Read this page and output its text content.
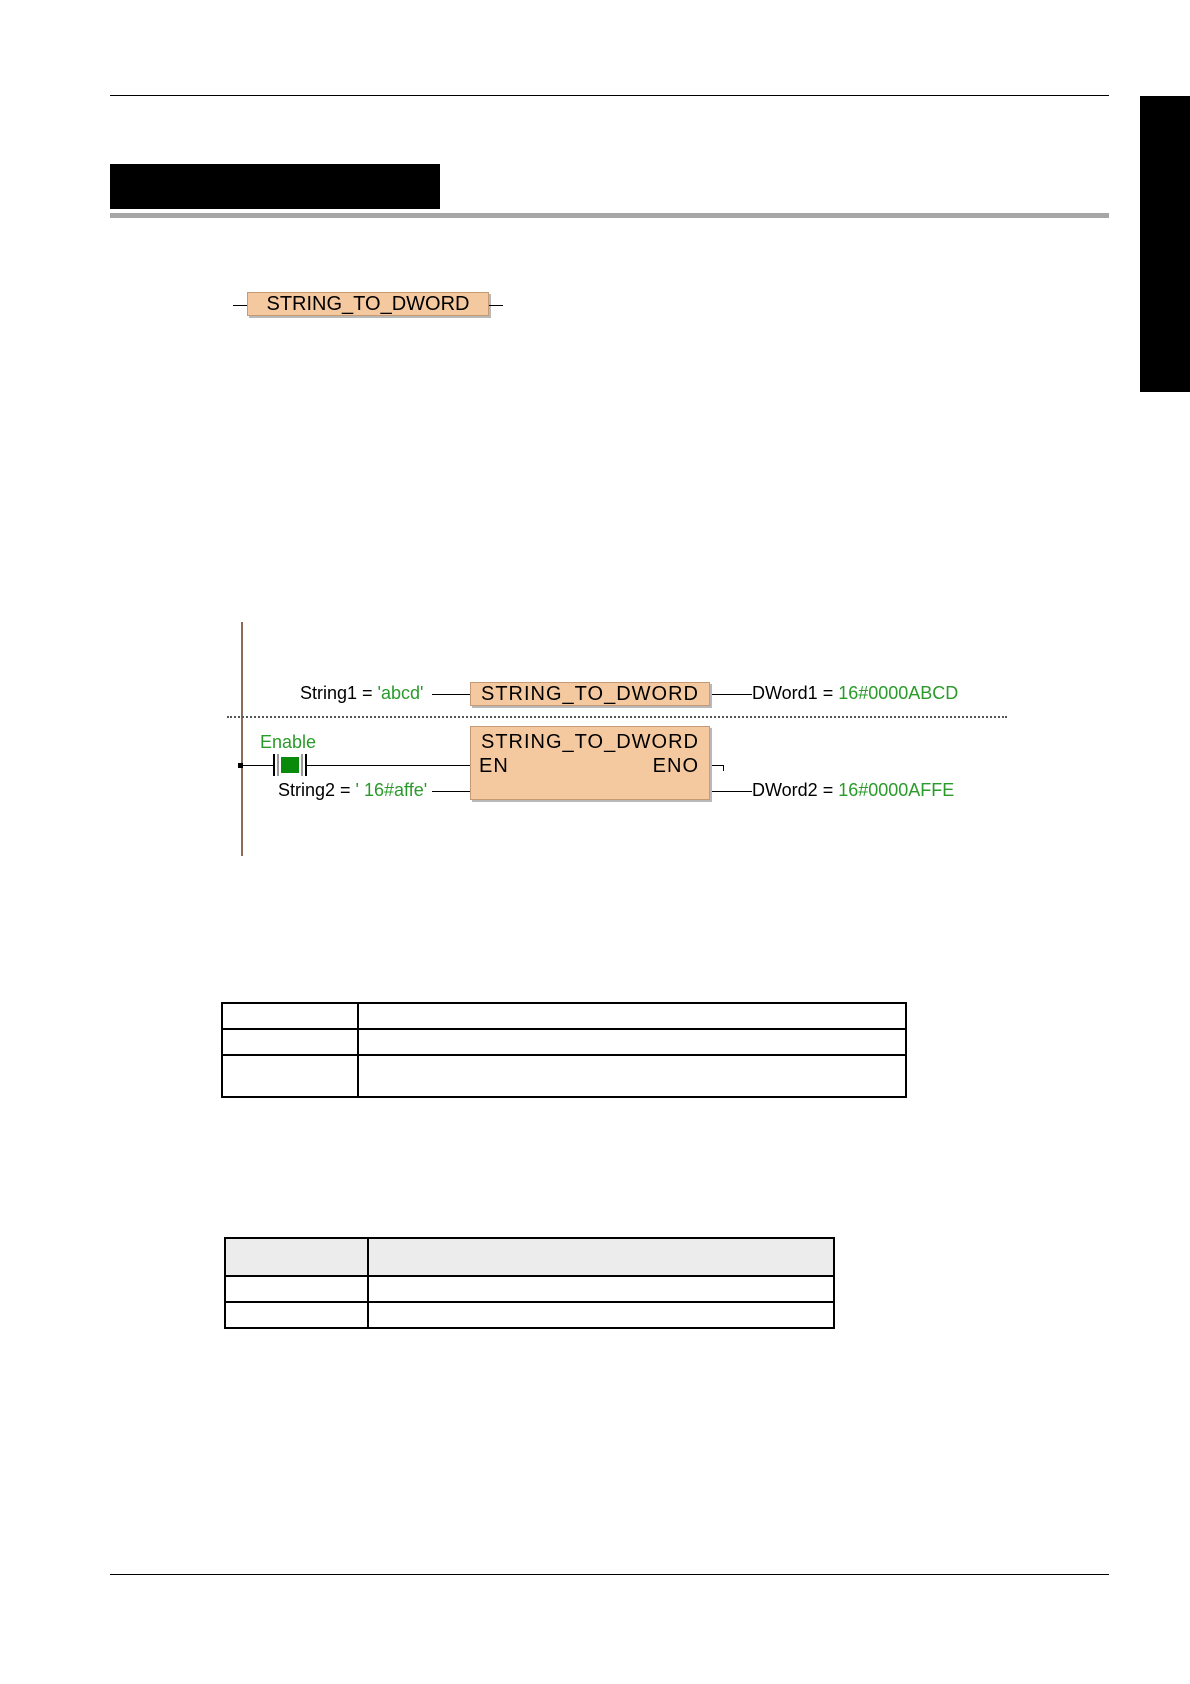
STRING_TO_DWORD
String1 = 'abcd'	STRING_TO_DWORD	DWord1 = 16#0000ABCD
Enable
String2 = ' 16#affe'
STRING_TO_DWORD
EN	ENO
DWord2 = 16#0000AFFE
